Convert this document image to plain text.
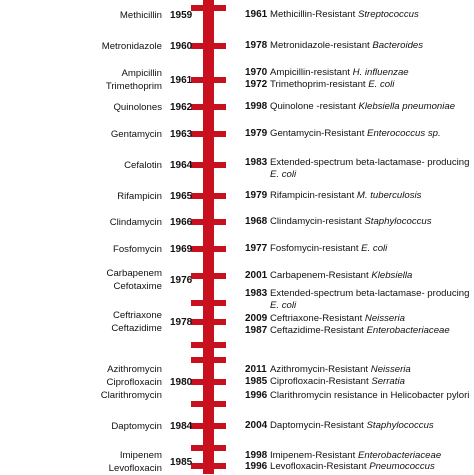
Methicillin 1959
Metronidazole 1960
Ampicillin
Trimethoprim
1961
Quinolones 1962
Gentamycin 1963
Cefalotin 1964
Rifampicin 1965
Clindamycin 1966
Fosfomycin 1969
Carbapenem
Cefotaxime
1976
Ceftriaxone
Ceftazidime
1978
Azithromycin
Ciprofloxacin
Clarithromycin
1980
Daptomycin 1984
Imipenem
Levofloxacin
1985
1961 Methicillin-Resistant Streptococcus
1978 Metronidazole-resistant Bacteroides
1970 Ampicillin-resistant H. influenzae
1972 Trimethoprim-resistant E. coli
1998 Quinolone -resistant Klebsiella pneumoniae
1979 Gentamycin-Resistant Enterococcus sp.
1983 Extended-spectrum beta-lactamase- producing E. coli
1979 Rifampicin-resistant M. tuberculosis
1968 Clindamycin-resistant Staphylococcus
1977 Fosfomycin-resistant E. coli
2001 Carbapenem-Resistant Klebsiella
1983 Extended-spectrum beta-lactamase- producing E. coli
2009 Ceftriaxone-Resistant Neisseria
1987 Ceftazidime-Resistant Enterobacteriaceae
2011 Azithromycin-Resistant Neisseria
1985 Ciprofloxacin-Resistant Serratia
1996 Clarithromycin resistance in Helicobacter pylori
2004 Daptomycin-Resistant Staphylococcus
1998 Imipenem-Resistant Enterobacteriaceae
1996 Levofloxacin-Resistant Pneumococcus
